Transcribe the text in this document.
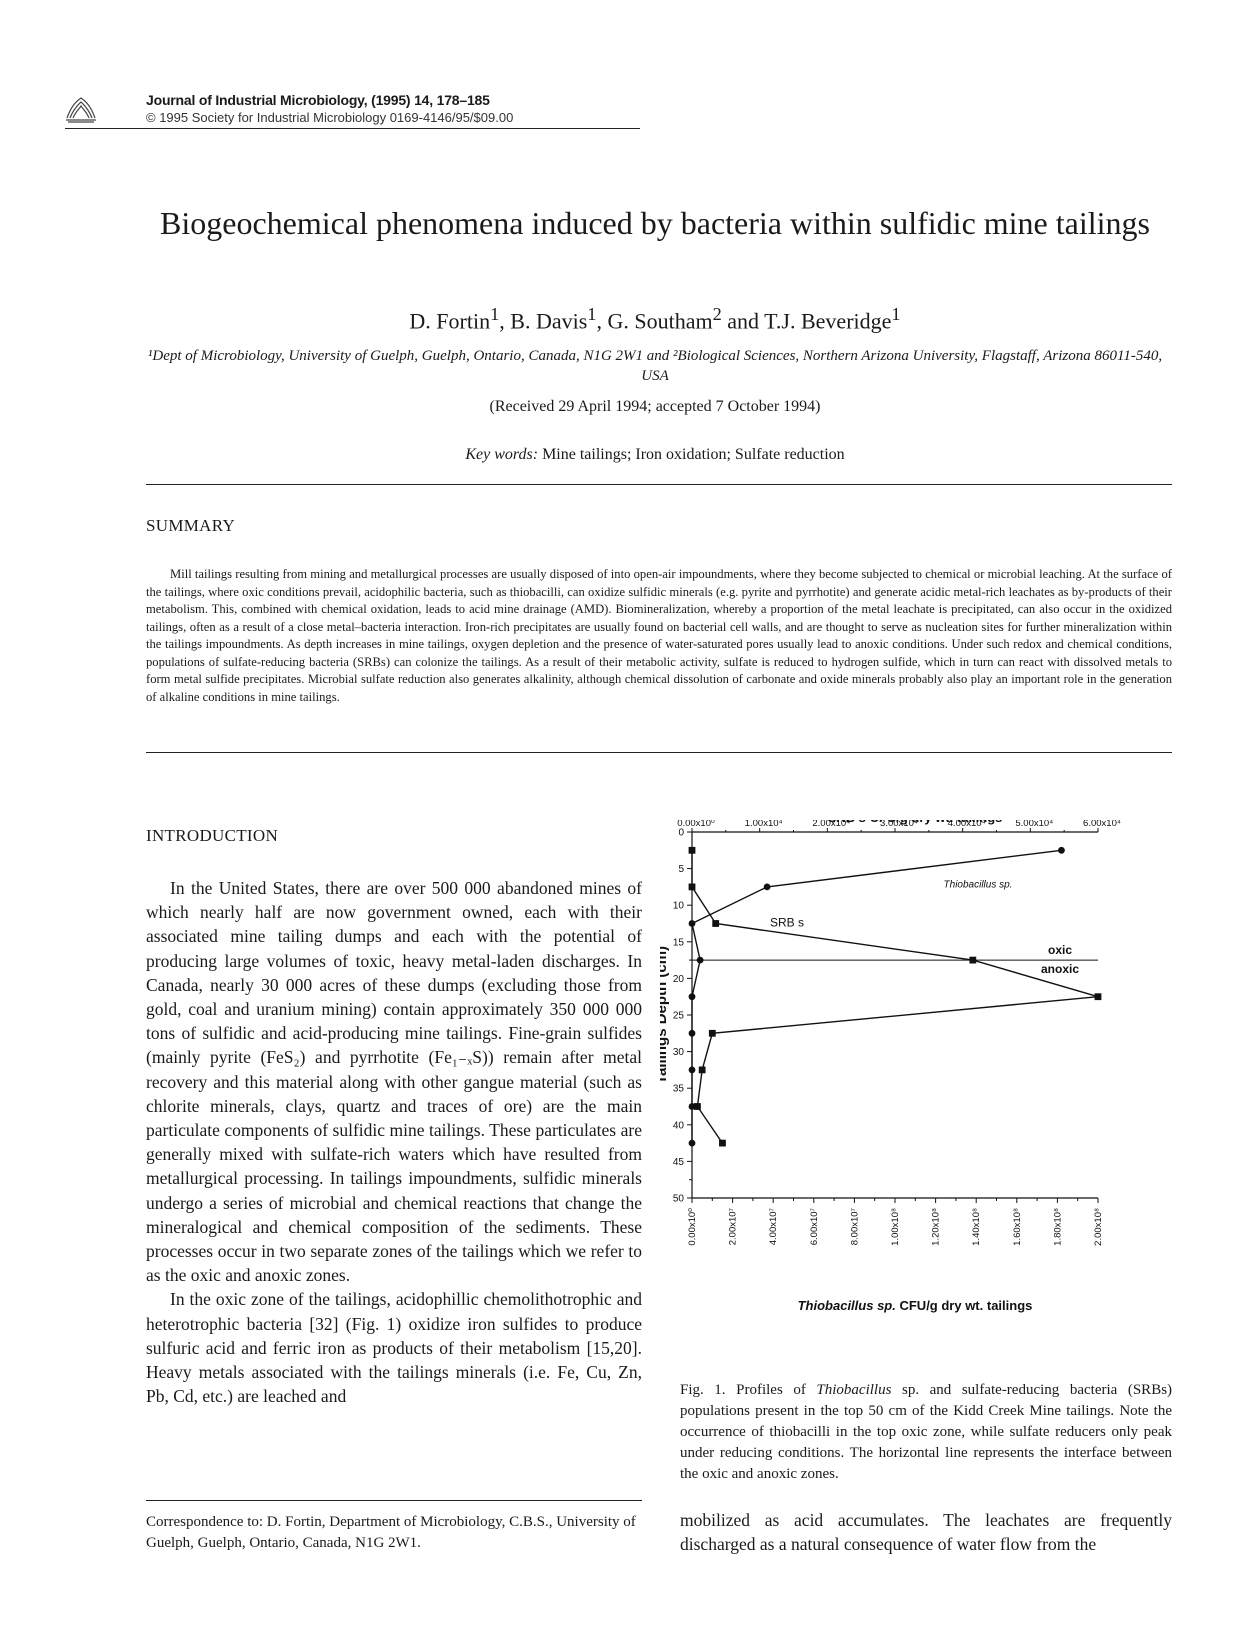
Journal of Industrial Microbiology, (1995) 14, 178–185
© 1995 Society for Industrial Microbiology 0169-4146/95/$09.00
Biogeochemical phenomena induced by bacteria within sulfidic mine tailings
D. Fortin$^1$, B. Davis$^1$, G. Southam$^2$ and T.J. Beveridge$^1$
¹Dept of Microbiology, University of Guelph, Guelph, Ontario, Canada, N1G 2W1 and ²Biological Sciences, Northern Arizona University, Flagstaff, Arizona 86011-540, USA
(Received 29 April 1994; accepted 7 October 1994)
Key words: Mine tailings; Iron oxidation; Sulfate reduction
SUMMARY
Mill tailings resulting from mining and metallurgical processes are usually disposed of into open-air impoundments, where they become subjected to chemical or microbial leaching. At the surface of the tailings, where oxic conditions prevail, acidophilic bacteria, such as thiobacilli, can oxidize sulfidic minerals (e.g. pyrite and pyrrhotite) and generate acidic metal-rich leachates as by-products of their metabolism. This, combined with chemical oxidation, leads to acid mine drainage (AMD). Biomineralization, whereby a proportion of the metal leachate is precipitated, can also occur in the oxidized tailings, often as a result of a close metal–bacteria interaction. Iron-rich precipitates are usually found on bacterial cell walls, and are thought to serve as nucleation sites for further mineralization within the tailings impoundments. As depth increases in mine tailings, oxygen depletion and the presence of water-saturated pores usually lead to anoxic conditions. Under such redox and chemical conditions, populations of sulfate-reducing bacteria (SRBs) can colonize the tailings. As a result of their metabolic activity, sulfate is reduced to hydrogen sulfide, which in turn can react with dissolved metals to form metal sulfide precipitates. Microbial sulfate reduction also generates alkalinity, although chemical dissolution of carbonate and oxide minerals probably also play an important role in the generation of alkaline conditions in mine tailings.
INTRODUCTION

In the United States, there are over 500 000 abandoned mines of which nearly half are now government owned, each with their associated mine tailing dumps and each with the potential of producing large volumes of toxic, heavy metal-laden discharges. In Canada, nearly 30 000 acres of these dumps (excluding those from gold, coal and uranium mining) contain approximately 350 000 000 tons of sulfidic and acid-producing mine tailings. Fine-grain sulfides (mainly pyrite (FeS₂) and pyrrhotite (Fe₁₋ₓS)) remain after metal recovery and this material along with other gangue material (such as chlorite minerals, clays, quartz and traces of ore) are the main particulate components of sulfidic mine tailings. These particulates are generally mixed with sulfate-rich waters which have resulted from metallurgical processing. In tailings impoundments, sulfidic minerals undergo a series of microbial and chemical reactions that change the mineralogical and chemical composition of the sediments. These processes occur in two separate zones of the tailings which we refer to as the oxic and anoxic zones.

In the oxic zone of the tailings, acidophillic chemolithotrophic and heterotrophic bacteria [32] (Fig. 1) oxidize iron sulfides to produce sulfuric acid and ferric iron as products of their metabolism [15,20]. Heavy metals associated with the tailings minerals (i.e. Fe, Cu, Zn, Pb, Cd, etc.) are leached and

Correspondence to: D. Fortin, Department of Microbiology, C.B.S., University of Guelph, Guelph, Ontario, Canada, N1G 2W1.
0.00x10⁰	1.00x10⁴	2.00x10⁴	3.00x10⁴	4.00x10⁴	5.00x10⁴	6.00x10⁴
0
5
10
15
20
25
30
35
40
45
50
Tailings Depth (cm)
0.00x10⁰	2.00x10⁷	4.00x10⁷	6.00x10⁷	8.00x10⁷	1.00x10⁸	1.20x10⁸	1.40x10⁸	1.60x10⁸	1.80x10⁸	2.00x10⁸
Thiobacillus sp. CFU/g dry wt. tailings
oxic
anoxic
Thiobacillus sp.
SRB s
Fig. 1. Profiles of Thiobacillus sp. and sulfate-reducing bacteria (SRBs) populations present in the top 50 cm of the Kidd Creek Mine tailings. Note the occurrence of thiobacilli in the top oxic zone, while sulfate reducers only peak under reducing conditions. The horizontal line represents the interface between the oxic and anoxic zones.
mobilized as acid accumulates. The leachates are frequently discharged as a natural consequence of water flow from the
